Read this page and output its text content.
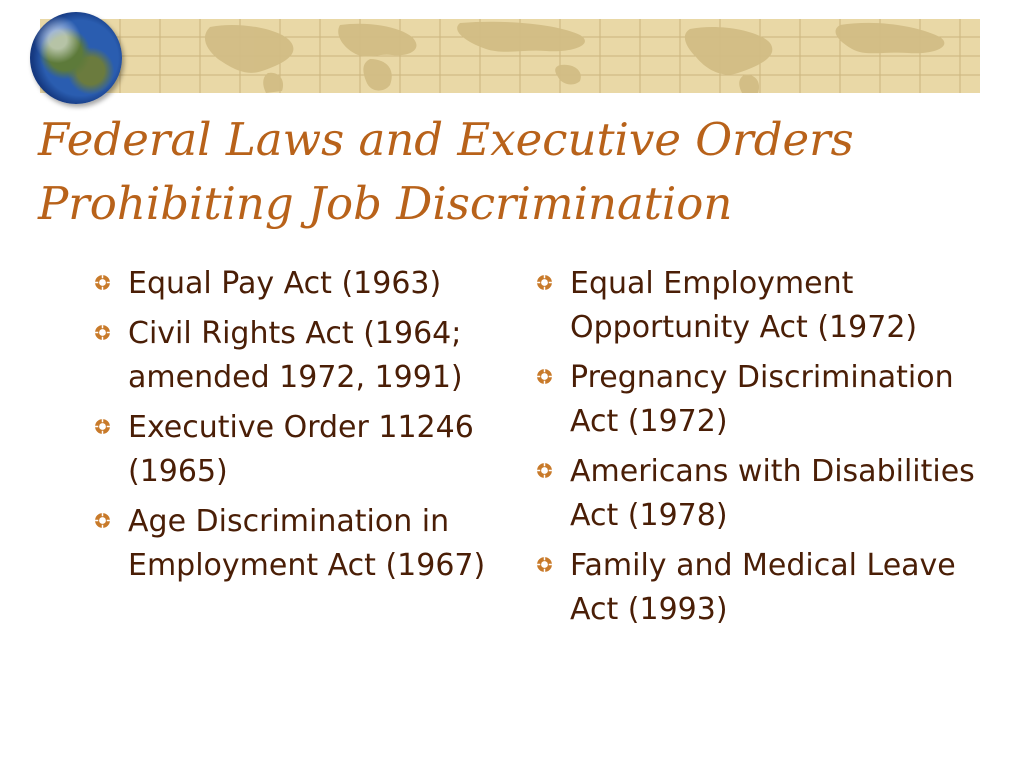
Federal Laws and Executive Orders
Prohibiting Job Discrimination
Equal Pay Act (1963)
Civil Rights Act (1964; amended 1972, 1991)
Executive Order 11246 (1965)
Age Discrimination in Employment Act (1967)
Equal Employment Opportunity Act (1972)
Pregnancy Discrimination Act (1972)
Americans with Disabilities Act (1978)
Family and Medical Leave Act (1993)
